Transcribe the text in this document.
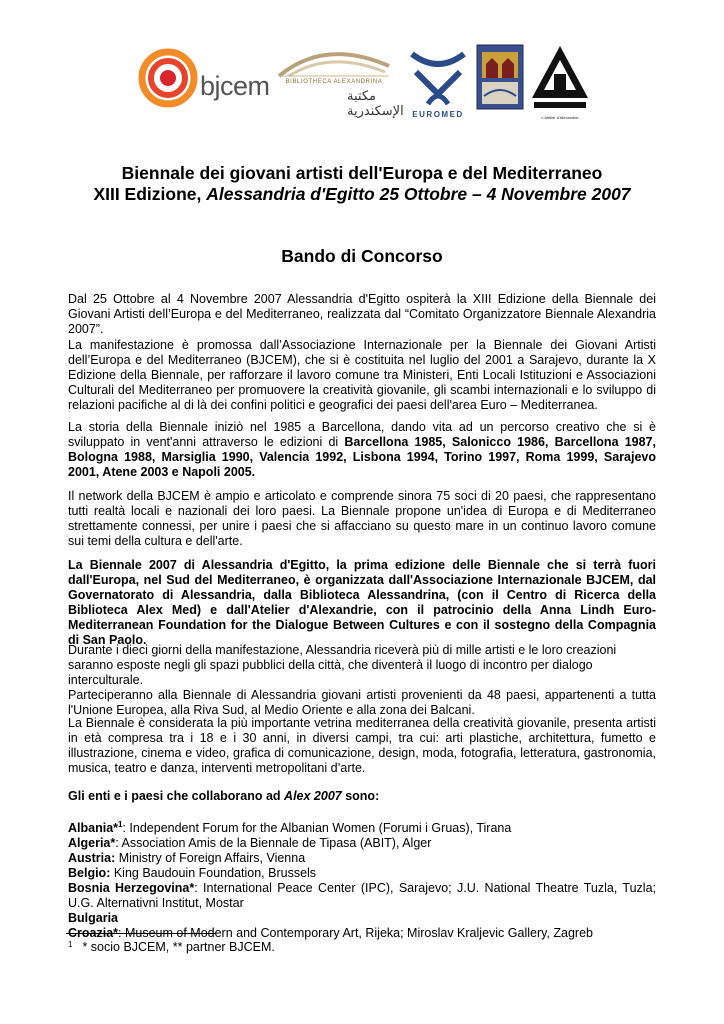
bjcem	BIBLIOTHECA ALEXANDRINA
مكتبة الإسكندرية	EUROMED	L'Atelier d'Alexandrie
Biennale dei giovani artisti dell'Europa e del Mediterraneo
XIII Edizione, Alessandria d'Egitto 25 Ottobre – 4 Novembre 2007
Bando di Concorso

Dal 25 Ottobre al 4 Novembre 2007 Alessandria d'Egitto ospiterà la XIII Edizione della Biennale dei Giovani Artisti dell’Europa e del Mediterraneo, realizzata dal “Comitato Organizzatore Biennale Alexandria 2007”.

La manifestazione è promossa dall’Associazione Internazionale per la Biennale dei Giovani Artisti dell’Europa e del Mediterraneo (BJCEM), che si è costituita nel luglio del 2001 a Sarajevo, durante la X Edizione della Biennale, per rafforzare il lavoro comune tra Ministeri, Enti Locali Istituzioni e Associazioni Culturali del Mediterraneo per promuovere la creatività giovanile, gli scambi internazionali e lo sviluppo di relazioni pacifiche al di là dei confini politici e geografici dei paesi dell'area Euro – Mediterranea.

La storia della Biennale iniziò nel 1985 a Barcellona, dando vita ad un percorso creativo che si è sviluppato in vent'anni attraverso le edizioni di Barcellona 1985, Salonicco 1986, Barcellona 1987, Bologna 1988, Marsiglia 1990, Valencia 1992, Lisbona 1994, Torino 1997, Roma 1999, Sarajevo 2001, Atene 2003 e Napoli 2005.

Il network della BJCEM è ampio e articolato e comprende sinora 75 soci di 20 paesi, che rappresentano tutti realtà locali e nazionali dei loro paesi. La Biennale propone un'idea di Europa e di Mediterraneo strettamente connessi, per unire i paesi che si affacciano su questo mare in un continuo lavoro comune sui temi della cultura e dell'arte.

La Biennale 2007 di Alessandria d'Egitto, la prima edizione delle Biennale che si terrà fuori dall'Europa, nel Sud del Mediterraneo, è organizzata dall'Associazione Internazionale BJCEM, dal Governatorato di Alessandria, dalla Biblioteca Alessandrina, (con il Centro di Ricerca della Biblioteca Alex Med) e dall'Atelier d'Alexandrie, con il patrocinio della Anna Lindh Euro-Mediterranean Foundation for the Dialogue Between Cultures e con il sostegno della Compagnia di San Paolo.

Durante i dieci giorni della manifestazione, Alessandria riceverà più di mille artisti e le loro creazioni saranno esposte negli gli spazi pubblici della città, che diventerà il luogo di incontro per dialogo interculturale.

Parteciperanno alla Biennale di Alessandria giovani artisti provenienti da 48 paesi, appartenenti a tutta l'Unione Europea, alla Riva Sud, al Medio Oriente e alla zona dei Balcani.

La Biennale è considerata la più importante vetrina mediterranea della creatività giovanile, presenta artisti in età compresa tra i 18 e i 30 anni, in diversi campi, tra cui: arti plastiche, architettura, fumetto e illustrazione, cinema e video, grafica di comunicazione, design, moda, fotografia, letteratura, gastronomia, musica, teatro e danza, interventi metropolitani d’arte.

Gli enti e i paesi che collaborano ad Alex 2007 sono:
Albania*$^1$: Independent Forum for the Albanian Women (Forumi i Gruas), Tirana
Algeria*: Association Amis de la Biennale de Tipasa (ABIT), Alger
Austria: Ministry of Foreign Affairs, Vienna
Belgio: King Baudouin Foundation, Brussels
Bosnia Herzegovina*: International Peace Center (IPC), Sarajevo; J.U. National Theatre Tuzla, Tuzla; U.G. Alternativni Institut, Mostar
Bulgaria
Croazia*: Museum of Modern and Contemporary Art, Rijeka; Miroslav Kraljevic Gallery, Zagreb
$^1$ * socio BJCEM, ** partner BJCEM.
